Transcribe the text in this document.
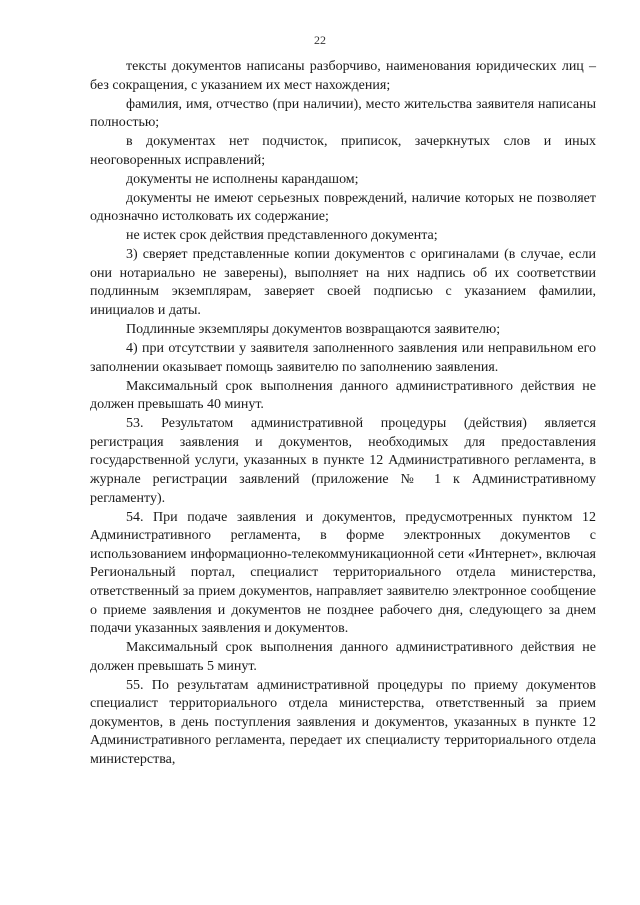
22

тексты документов написаны разборчиво, наименования юридических лиц – без сокращения, с указанием их мест нахождения;

фамилия, имя, отчество (при наличии), место жительства заявителя написаны полностью;

в документах нет подчисток, приписок, зачеркнутых слов и иных неоговоренных исправлений;

документы не исполнены карандашом;

документы не имеют серьезных повреждений, наличие которых не позволяет однозначно истолковать их содержание;

не истек срок действия представленного документа;

3) сверяет представленные копии документов с оригиналами (в случае, если они нотариально не заверены), выполняет на них надпись об их соответствии подлинным экземплярам, заверяет своей подписью с указанием фамилии, инициалов и даты.

Подлинные экземпляры документов возвращаются заявителю;

4) при отсутствии у заявителя заполненного заявления или неправильном его заполнении оказывает помощь заявителю по заполнению заявления.

Максимальный срок выполнения данного административного действия не должен превышать 40 минут.

53. Результатом административной процедуры (действия) является регистрация заявления и документов, необходимых для предоставления государственной услуги, указанных в пункте 12 Административного регламента, в журнале регистрации заявлений (приложение № 1 к Административному регламенту).

54. При подаче заявления и документов, предусмотренных пунктом 12 Административного регламента, в форме электронных документов с использованием информационно-телекоммуникационной сети «Интернет», включая Региональный портал, специалист территориального отдела министерства, ответственный за прием документов, направляет заявителю электронное сообщение о приеме заявления и документов не позднее рабочего дня, следующего за днем подачи указанных заявления и документов.

Максимальный срок выполнения данного административного действия не должен превышать 5 минут.

55. По результатам административной процедуры по приему документов специалист территориального отдела министерства, ответственный за прием документов, в день поступления заявления и документов, указанных в пункте 12 Административного регламента, передает их специалисту территориального отдела министерства,
